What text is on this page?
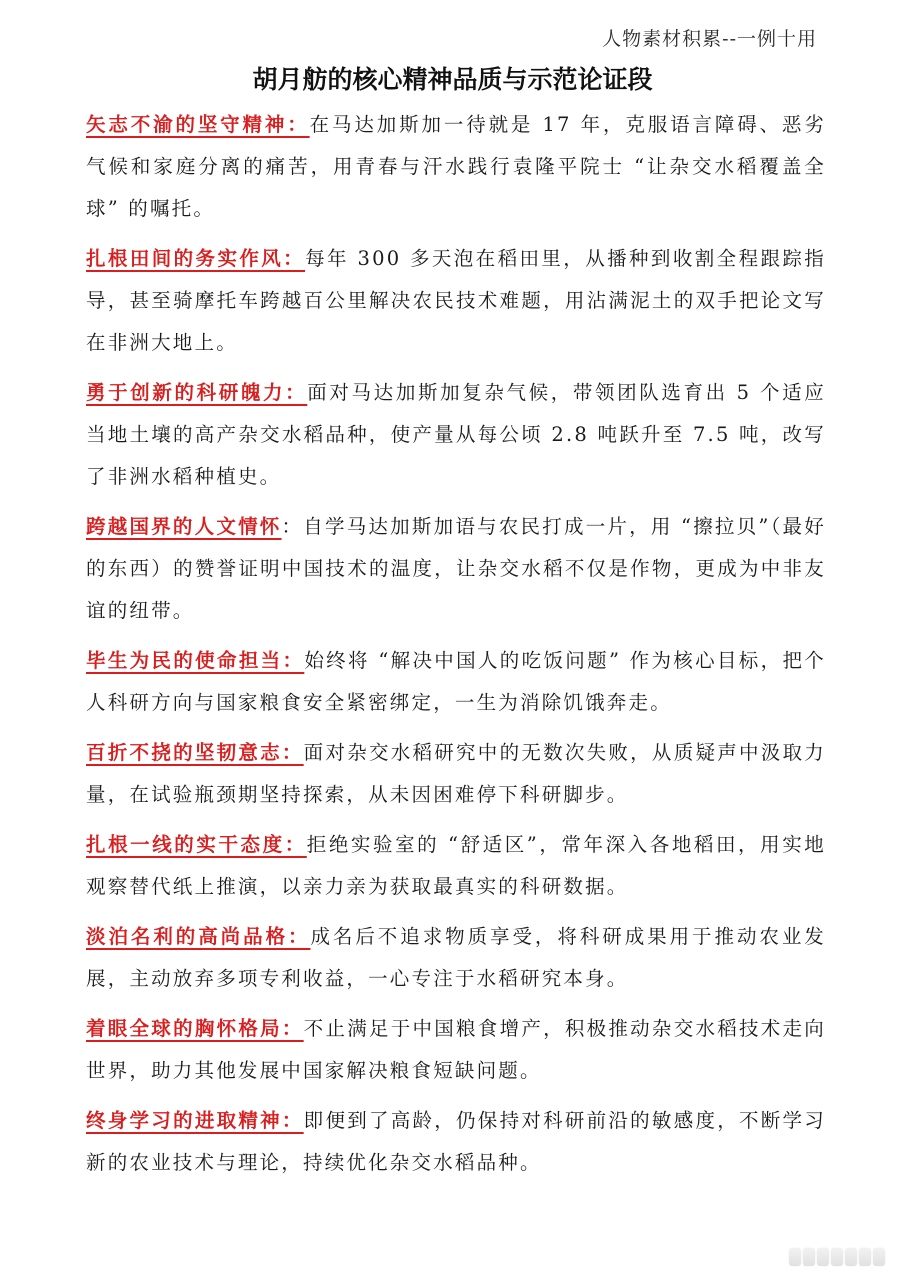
人物素材积累--一例十用
胡月舫的核心精神品质与示范论证段

矢志不渝的坚守精神：在马达加斯加一待就是 17 年，克服语言障碍、恶劣气候和家庭分离的痛苦，用青春与汗水践行袁隆平院士 “让杂交水稻覆盖全球” 的嘱托。

扎根田间的务实作风：每年 300 多天泡在稻田里，从播种到收割全程跟踪指导，甚至骑摩托车跨越百公里解决农民技术难题，用沾满泥土的双手把论文写在非洲大地上。

勇于创新的科研魄力：面对马达加斯加复杂气候，带领团队选育出 5 个适应当地土壤的高产杂交水稻品种，使产量从每公顷 2.8 吨跃升至 7.5 吨，改写了非洲水稻种植史。

跨越国界的人文情怀：自学马达加斯加语与农民打成一片，用 “擦拉贝”（最好的东西）的赞誉证明中国技术的温度，让杂交水稻不仅是作物，更成为中非友谊的纽带。

毕生为民的使命担当：始终将 “解决中国人的吃饭问题” 作为核心目标，把个人科研方向与国家粮食安全紧密绑定，一生为消除饥饿奔走。

百折不挠的坚韧意志：面对杂交水稻研究中的无数次失败，从质疑声中汲取力量，在试验瓶颈期坚持探索，从未因困难停下科研脚步。

扎根一线的实干态度：拒绝实验室的 “舒适区”，常年深入各地稻田，用实地观察替代纸上推演，以亲力亲为获取最真实的科研数据。

淡泊名利的高尚品格：成名后不追求物质享受，将科研成果用于推动农业发展，主动放弃多项专利收益，一心专注于水稻研究本身。

着眼全球的胸怀格局：不止满足于中国粮食增产，积极推动杂交水稻技术走向世界，助力其他发展中国家解决粮食短缺问题。

终身学习的进取精神：即便到了高龄，仍保持对科研前沿的敏感度，不断学习新的农业技术与理论，持续优化杂交水稻品种。
